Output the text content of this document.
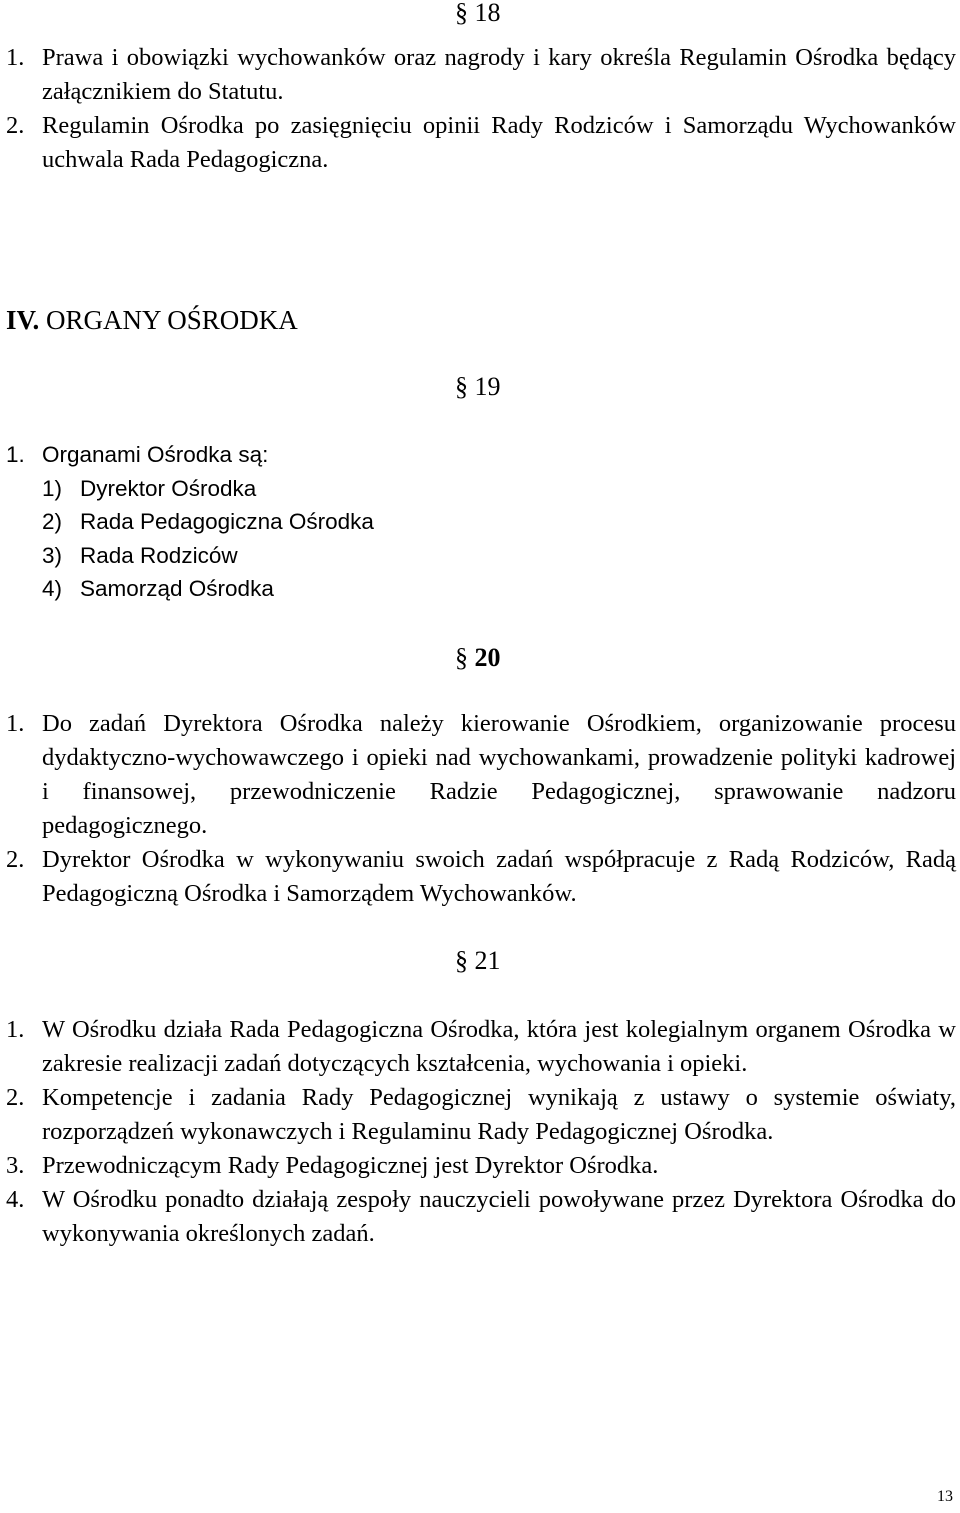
§ 18
1. Prawa i obowiązki wychowanków oraz nagrody i kary określa Regulamin Ośrodka będący załącznikiem do Statutu.
2. Regulamin Ośrodka po zasięgnięciu opinii Rady Rodziców i Samorządu Wychowanków uchwala Rada Pedagogiczna.
IV. ORGANY OŚRODKA
§ 19
1. Organami Ośrodka są:
1) Dyrektor Ośrodka
2) Rada Pedagogiczna Ośrodka
3) Rada Rodziców
4) Samorząd Ośrodka
§ 20
1. Do zadań Dyrektora Ośrodka należy kierowanie Ośrodkiem, organizowanie procesu dydaktyczno-wychowawczego i opieki nad wychowankami, prowadzenie polityki kadrowej i finansowej, przewodniczenie Radzie Pedagogicznej, sprawowanie nadzoru pedagogicznego.
2. Dyrektor Ośrodka w wykonywaniu swoich zadań współpracuje z Radą Rodziców, Radą Pedagogiczną Ośrodka i Samorządem Wychowanków.
§ 21
1. W Ośrodku działa Rada Pedagogiczna Ośrodka, która jest kolegialnym organem Ośrodka w zakresie realizacji zadań dotyczących kształcenia, wychowania i opieki.
2. Kompetencje i zadania Rady Pedagogicznej wynikają z ustawy o systemie oświaty, rozporządzeń wykonawczych i Regulaminu Rady Pedagogicznej Ośrodka.
3. Przewodniczącym Rady Pedagogicznej jest Dyrektor Ośrodka.
4. W Ośrodku ponadto działają zespoły nauczycieli powoływane przez Dyrektora Ośrodka do wykonywania określonych zadań.
13
